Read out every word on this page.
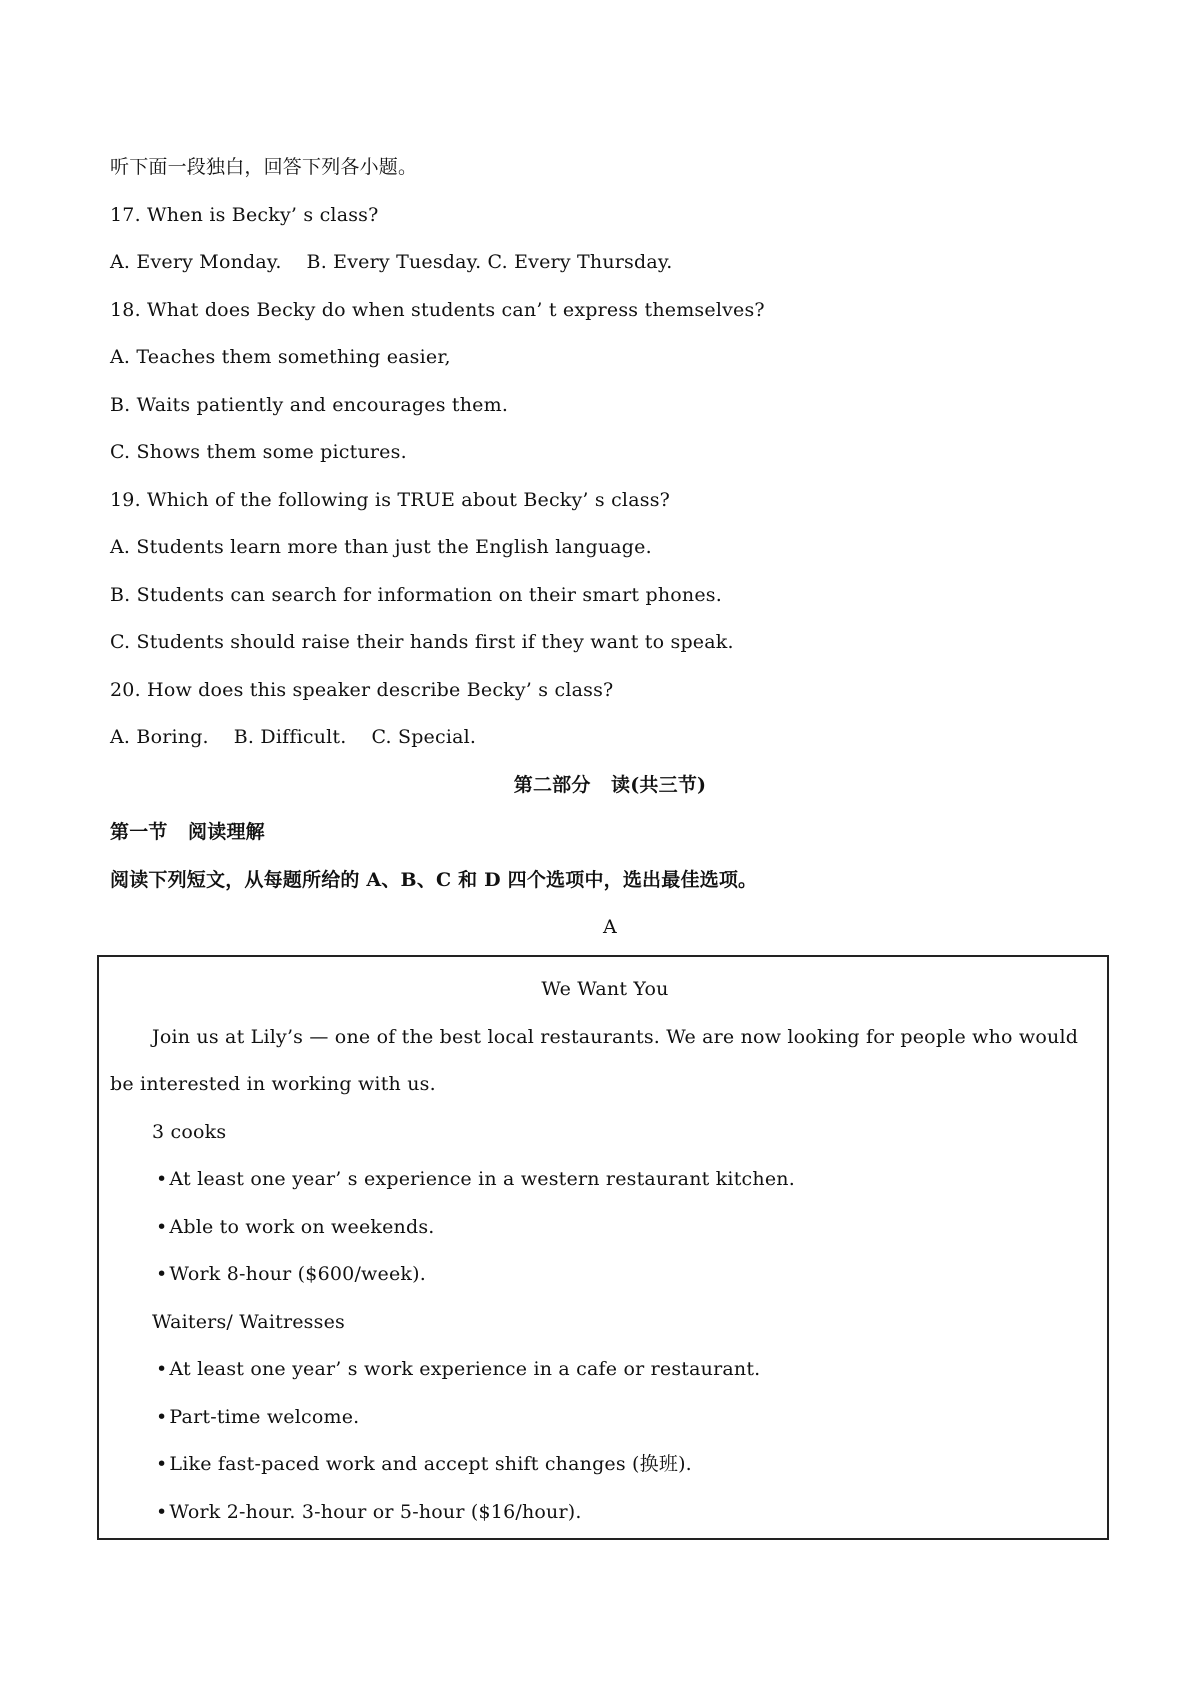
听下面一段独白，回答下列各小题。
17. When is Becky’ s class?
A. Every Monday.    B. Every Tuesday. C. Every Thursday.
18. What does Becky do when students can’ t express themselves?
A. Teaches them something easier,
B. Waits patiently and encourages them.
C. Shows them some pictures.
19. Which of the following is TRUE about Becky’ s class?
A. Students learn more than just the English language.
B. Students can search for information on their smart phones.
C. Students should raise their hands first if they want to speak.
20. How does this speaker describe Becky’ s class?
A. Boring.    B. Difficult.    C. Special.
第二部分   读(共三节)
第一节   阅读理解
阅读下列短文，从每题所给的 A、B、C 和 D 四个选项中，选出最佳选项。
A
We Want You
Join us at Lily’s — one of the best local restaurants. We are now looking for people who would
be interested in working with us.
3 cooks
• At least one year’ s experience in a western restaurant kitchen.
• Able to work on weekends.
• Work 8-hour ($600/week).
Waiters/ Waitresses
• At least one year’ s work experience in a cafe or restaurant.
• Part-time welcome.
• Like fast-paced work and accept shift changes (换班).
• Work 2-hour. 3-hour or 5-hour ($16/hour).
